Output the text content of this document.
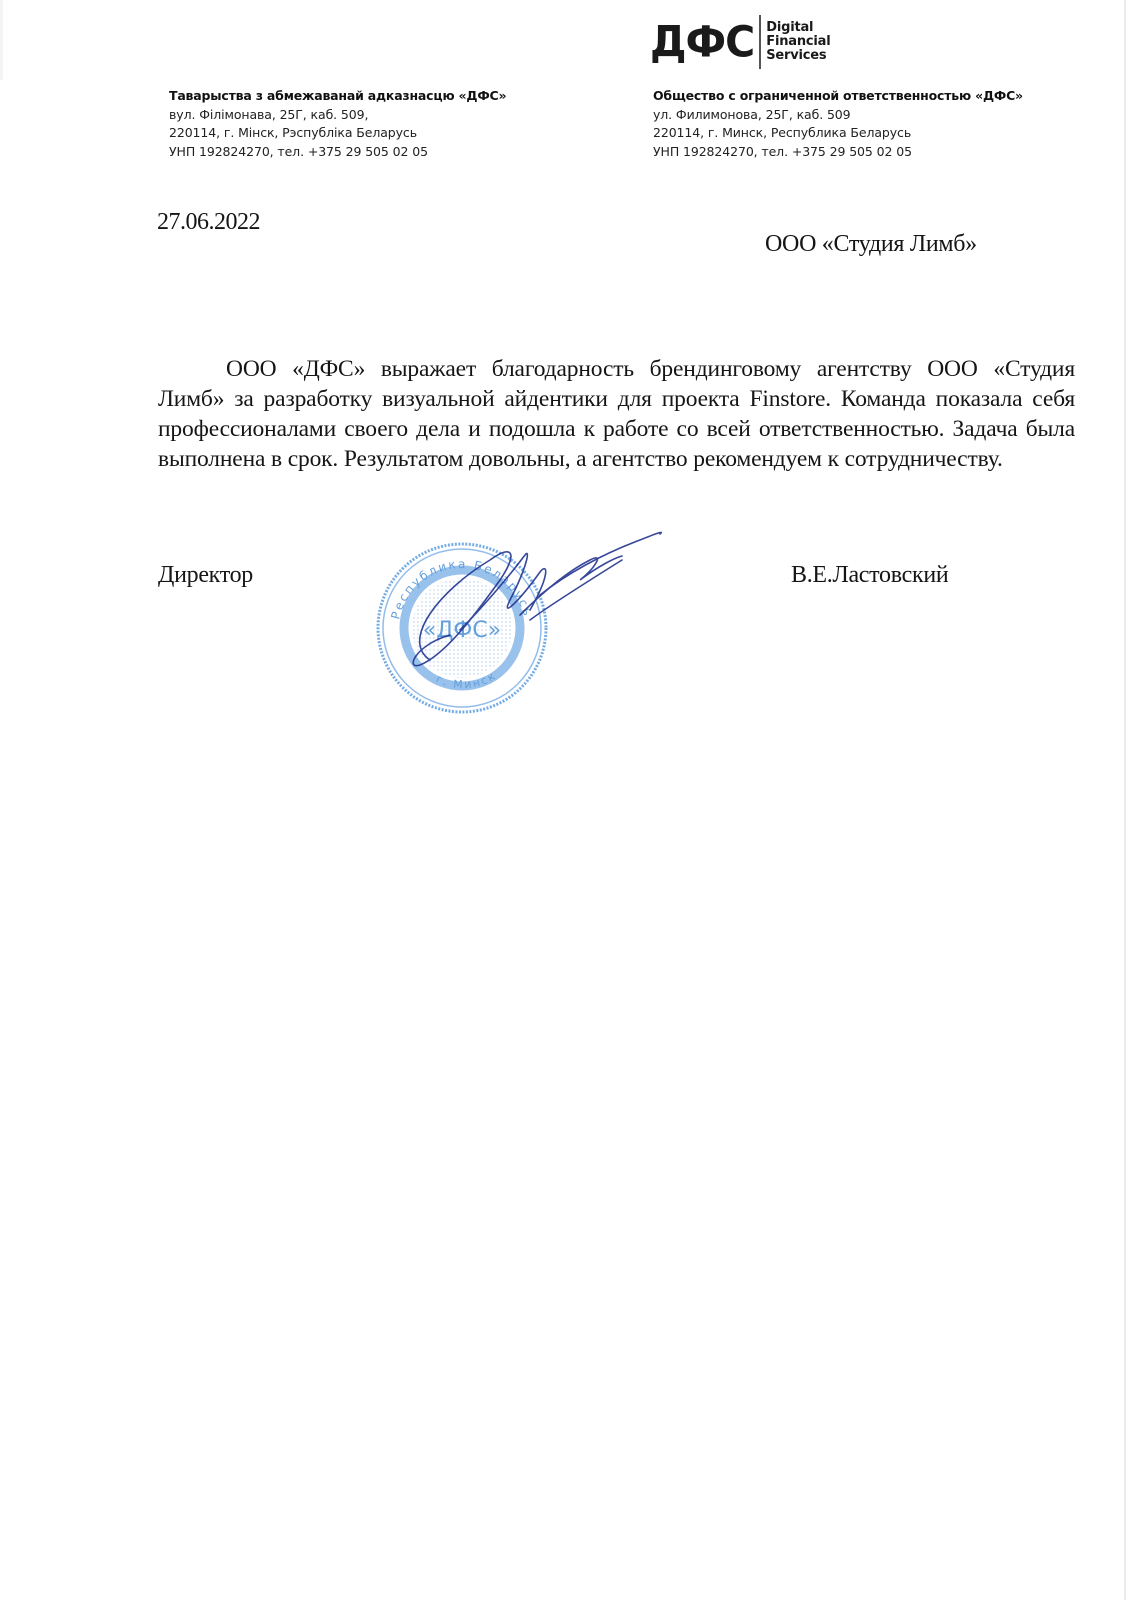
ДФС Digital
Financial
Services
Таварыства з абмежаванай адказнасцю «ДФС»
вул. Філімонава, 25Г, каб. 509,
220114, г. Мінск, Рэспубліка Беларусь
УНП 192824270, тел. +375 29 505 02 05
Общество с ограниченной ответственностью «ДФС»
ул. Филимонова, 25Г, каб. 509
220114, г. Минск, Республика Беларусь
УНП 192824270, тел. +375 29 505 02 05
27.06.2022
ООО «Студия Лимб»
ООО «ДФС» выражает благодарность брендинговому агентству ООО «Студия Лимб» за разработку визуальной айдентики для проекта Finstore. Команда показала себя профессионалами своего дела и подошла к работе со всей ответственностью. Задача была выполнена в срок. Результатом довольны, а агентство рекомендуем к сотрудничеству.
Республика Беларусь
«ДФС»
г. Минск
Директор	В.Е.Ластовский
